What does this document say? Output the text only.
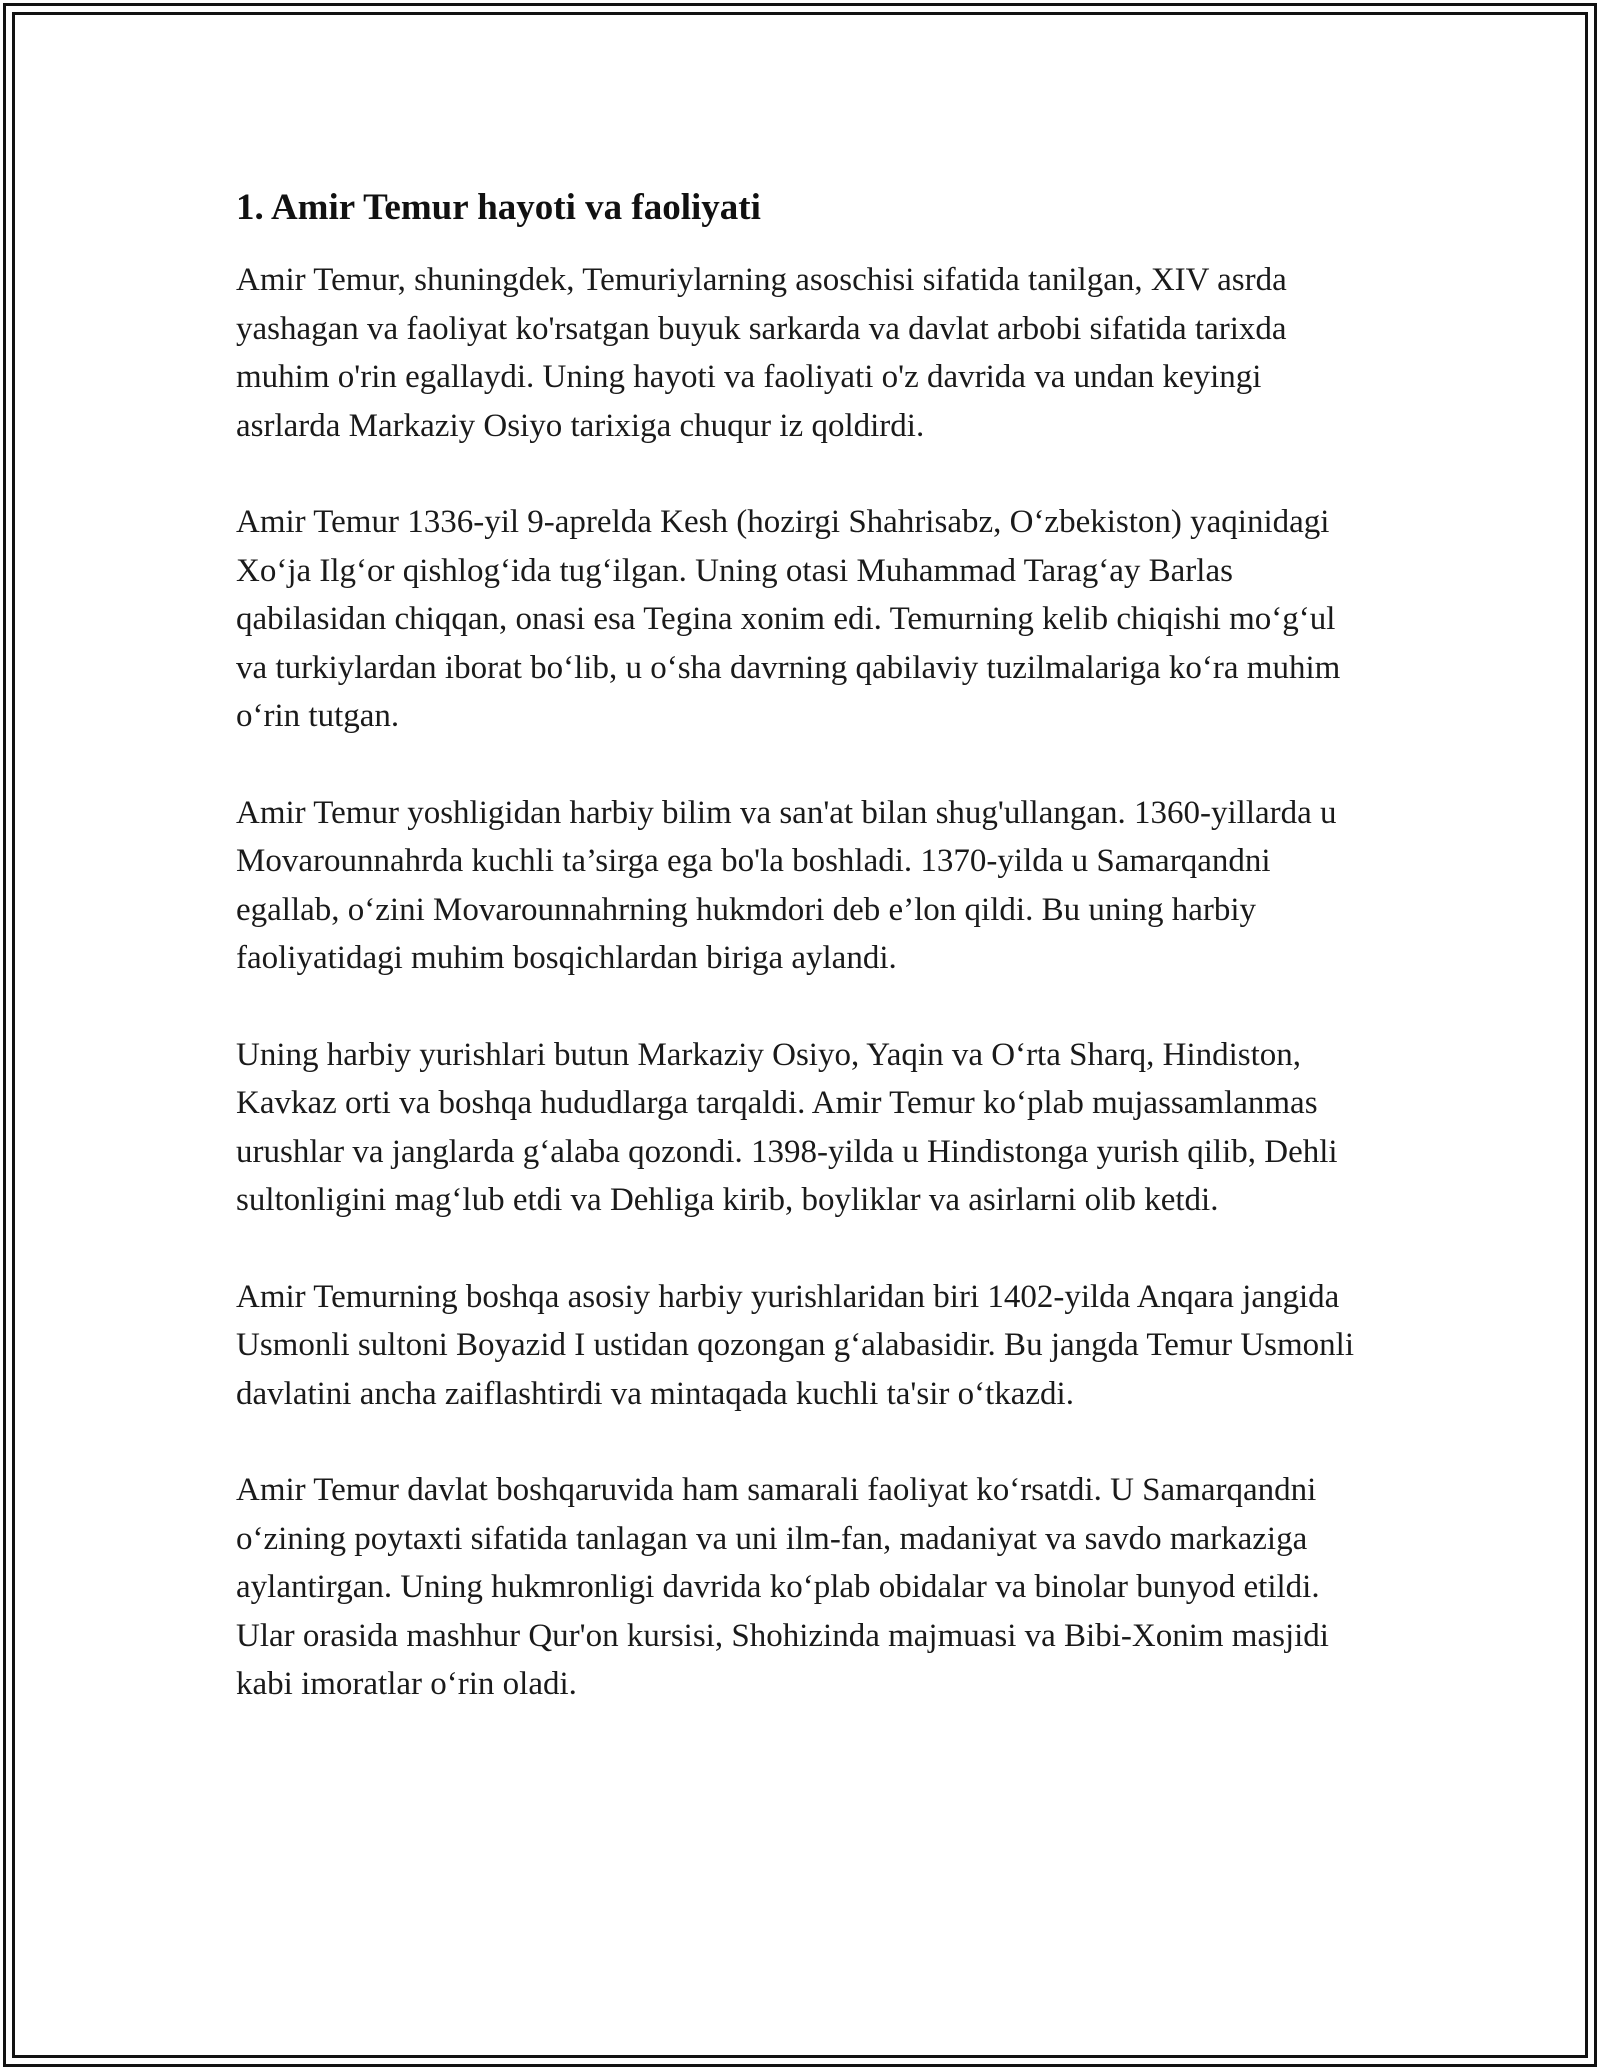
1. Amir Temur hayoti va faoliyati

Amir Temur, shuningdek, Temuriylarning asoschisi sifatida tanilgan, XIV asrda yashagan va faoliyat ko'rsatgan buyuk sarkarda va davlat arbobi sifatida tarixda muhim o'rin egallaydi. Uning hayoti va faoliyati o'z davrida va undan keyingi asrlarda Markaziy Osiyo tarixiga chuqur iz qoldirdi.

Amir Temur 1336-yil 9-aprelda Kesh (hozirgi Shahrisabz, O‘zbekiston) yaqinidagi Xo‘ja Ilg‘or qishlog‘ida tug‘ilgan. Uning otasi Muhammad Tarag‘ay Barlas qabilasidan chiqqan, onasi esa Tegina xonim edi. Temurning kelib chiqishi mo‘g‘ul va turkiylardan iborat bo‘lib, u o‘sha davrning qabilaviy tuzilmalariga ko‘ra muhim o‘rin tutgan.

Amir Temur yoshligidan harbiy bilim va san'at bilan shug'ullangan. 1360-yillarda u Movarounnahrda kuchli ta’sirga ega bo'la boshladi. 1370-yilda u Samarqandni egallab, o‘zini Movarounnahrning hukmdori deb e’lon qildi. Bu uning harbiy faoliyatidagi muhim bosqichlardan biriga aylandi.

Uning harbiy yurishlari butun Markaziy Osiyo, Yaqin va O‘rta Sharq, Hindiston, Kavkaz orti va boshqa hududlarga tarqaldi. Amir Temur ko‘plab mujassamlanmas urushlar va janglarda g‘alaba qozondi. 1398-yilda u Hindistonga yurish qilib, Dehli sultonligini mag‘lub etdi va Dehliga kirib, boyliklar va asirlarni olib ketdi.

Amir Temurning boshqa asosiy harbiy yurishlaridan biri 1402-yilda Anqara jangida Usmonli sultoni Boyazid I ustidan qozongan g‘alabasidir. Bu jangda Temur Usmonli davlatini ancha zaiflashtirdi va mintaqada kuchli ta'sir o‘tkazdi.

Amir Temur davlat boshqaruvida ham samarali faoliyat ko‘rsatdi. U Samarqandni o‘zining poytaxti sifatida tanlagan va uni ilm-fan, madaniyat va savdo markaziga aylantirgan. Uning hukmronligi davrida ko‘plab obidalar va binolar bunyod etildi. Ular orasida mashhur Qur'on kursisi, Shohizinda majmuasi va Bibi-Xonim masjidi kabi imoratlar o‘rin oladi.
